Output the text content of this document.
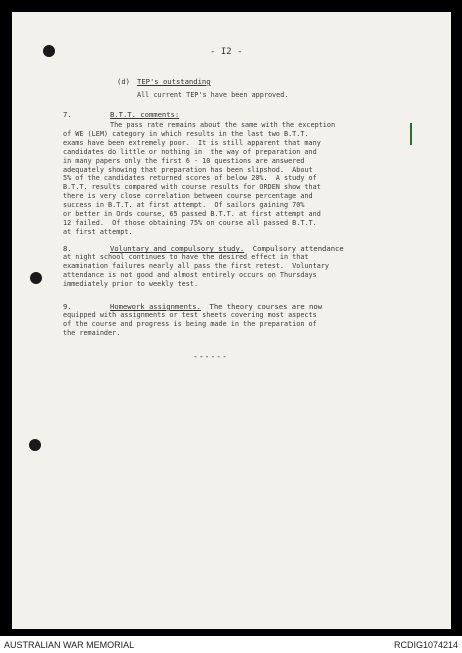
- I2 -
(d) TEP's outstanding
All current TEP's have been approved.
7.	B.T.T. comments:
The pass rate remains about the same with the exception
of WE (LEM) category in which results in the last two B.T.T.
exams have been extremely poor.  It is still apparent that many
candidates do little or nothing in  the way of preparation and
in many papers only the first 6 - 10 questions are answered
adequately showing that preparation has been slipshod.  About
5% of the candidates returned scores of below 20%.  A study of
B.T.T. results compared with course results for ORDEN show that
there is very close correlation between course percentage and
success in B.T.T. at first attempt.  Of sailors gaining 70%
or better in Ords course, 65 passed B.T.T. at first attempt and
12 failed.  Of those obtaining 75% on course all passed B.T.T.
at first attempt.
8.	Voluntary and compulsory study.  Compulsory attendance
at night school continues to have the desired effect in that
examination failures nearly all pass the first retest.  Voluntary
attendance is not good and almost entirely occurs on Thursdays
immediately prior to weekly test.
9.	Homework assignments.  The theory courses are now
equipped with assignments or test sheets covering most aspects
of the course and progress is being made in the preparation of
the remainder.
------
AUSTRALIAN WAR MEMORIAL	RCDIG1074214
